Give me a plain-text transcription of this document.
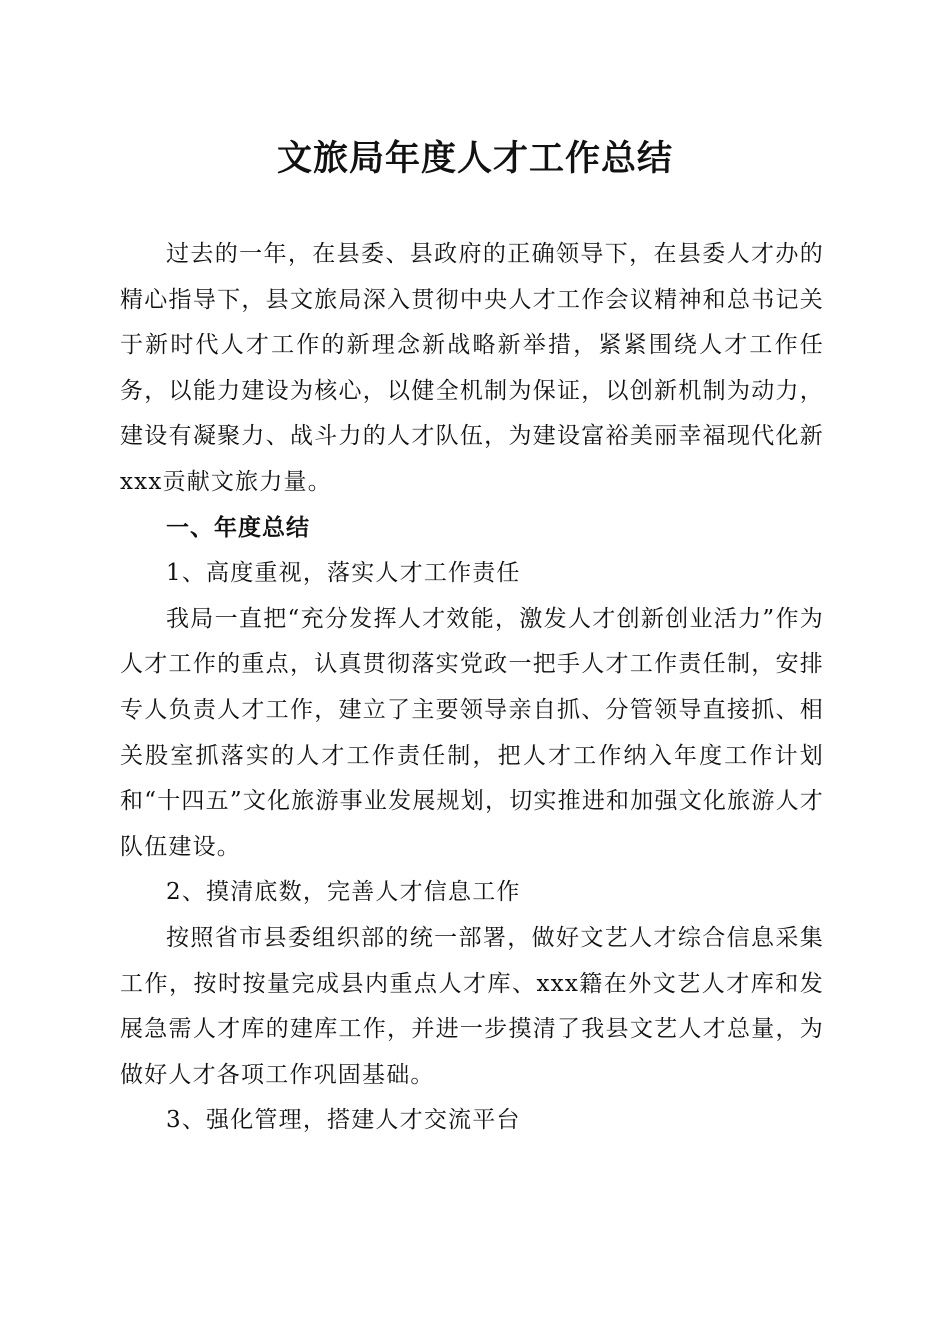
文旅局年度人才工作总结

过去的一年，在县委、县政府的正确领导下，在县委人才办的精心指导下，县文旅局深入贯彻中央人才工作会议精神和总书记关于新时代人才工作的新理念新战略新举措，紧紧围绕人才工作任务，以能力建设为核心，以健全机制为保证，以创新机制为动力，建设有凝聚力、战斗力的人才队伍，为建设富裕美丽幸福现代化新xxx贡献文旅力量。

一、年度总结

1、高度重视，落实人才工作责任

我局一直把“充分发挥人才效能，激发人才创新创业活力”作为人才工作的重点，认真贯彻落实党政一把手人才工作责任制，安排专人负责人才工作，建立了主要领导亲自抓、分管领导直接抓、相关股室抓落实的人才工作责任制，把人才工作纳入年度工作计划和“十四五”文化旅游事业发展规划，切实推进和加强文化旅游人才队伍建设。

2、摸清底数，完善人才信息工作

按照省市县委组织部的统一部署，做好文艺人才综合信息采集工作，按时按量完成县内重点人才库、xxx籍在外文艺人才库和发展急需人才库的建库工作，并进一步摸清了我县文艺人才总量，为做好人才各项工作巩固基础。

3、强化管理，搭建人才交流平台
